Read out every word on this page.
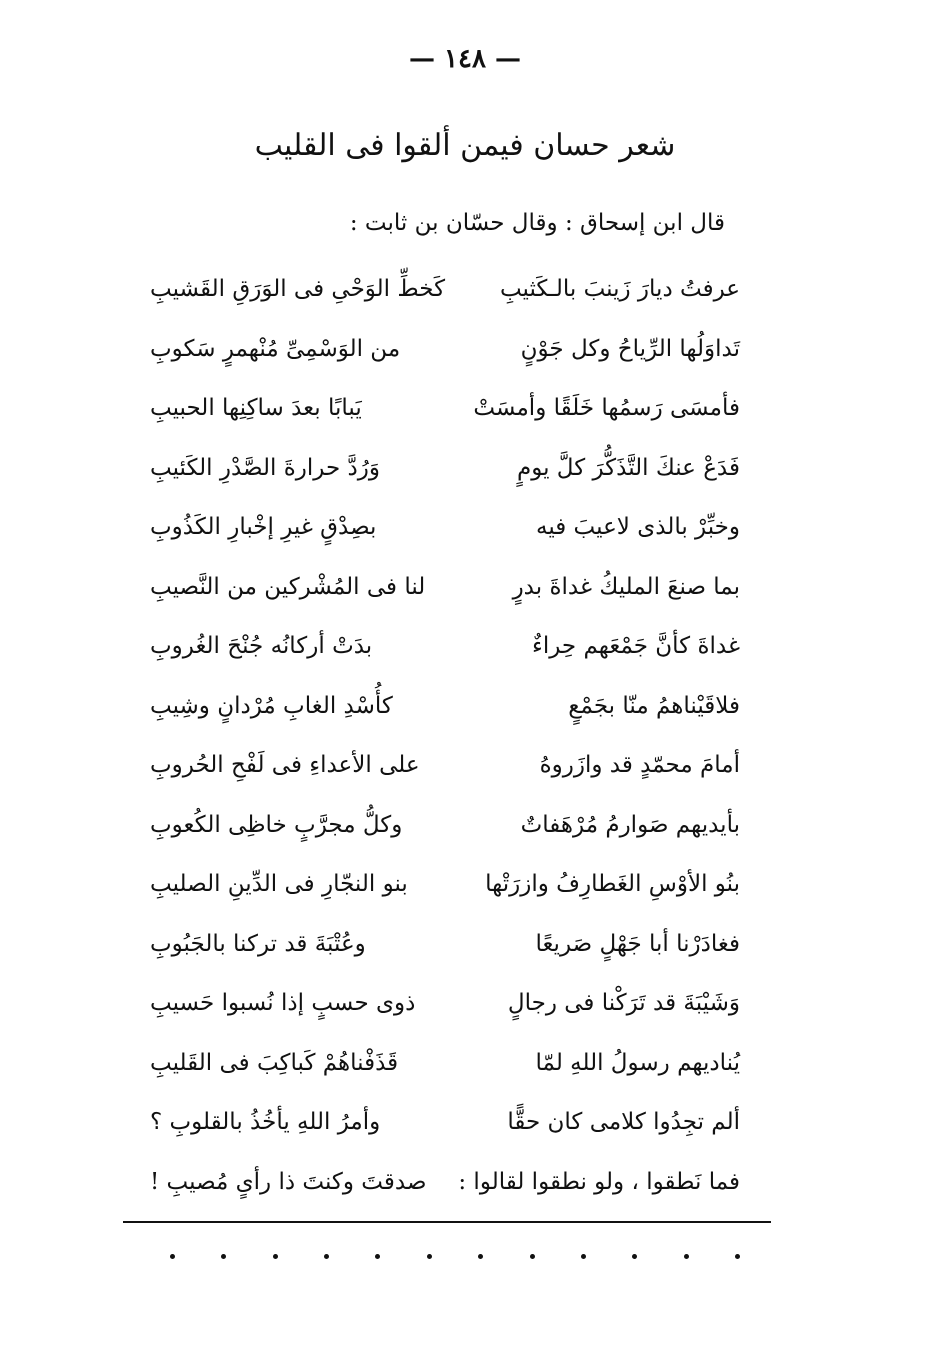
— ١٤٨ —
شعر حسان فيمن ألقوا فى القليب

قال ابن إسحاق : وقال حسّان بن ثابت :

عرفتُ ديارَ زَينبَ بالـكَثيبِ
كَخطِّ الوَحْىِ فى الوَرَقِ القَشيبِ
تَداوَلُها الرِّياحُ وكل جَوْنٍ
من الوَسْمِىِّ مُنْهمرٍ سَكوبِ
فأمسَى رَسمُها خَلَقًا وأمسَتْ
يَبابًا بعدَ ساكِنِها الحبيبِ
فَدَعْ عنكَ التَّذَكُّرَ كلَّ يومٍ
وَرُدَّ حرارةَ الصَّدْرِ الكَئيبِ
وخبِّرْ بالذى لاعيبَ فيه
بصِدْقٍ غيرِ إخْبارِ الكَذُوبِ
بما صنعَ المليكُ غداةَ بدرٍ
لنا فى المُشْركين من النَّصيبِ
غداةَ كأنَّ جَمْعَهم حِراءٌ
بدَتْ أركانُه جُنْحَ الغُروبِ
فلاقَيْناهمُ منّا بجَمْعٍ
كأُسْدِ الغابِ مُرْدانٍ وشِيبِ
أمامَ محمّدٍ قد وازَروهُ
على الأعداءِ فى لَفْحِ الحُروبِ
بأيديهم صَوارمُ مُرْهَفاتٌ
وكلُّ مجرَّبٍ خاظِى الكُعوبِ
بنُو الأوْسِ الغَطارِفُ وازرَتْها
بنو النجّارِ فى الدِّينِ الصليبِ
فغادَرْنا أبا جَهْلٍ صَريعًا
وعُتْبَةَ قد تركنا بالجَبُوبِ
وَشَيْبَةَ قد تَرَكْنا فى رجالٍ
ذوى حسبٍ إذا نُسبوا حَسيبِ
يُناديهم رسولُ اللهِ لمّا
قَذَفْناهُمْ كَباكِبَ فى القَليبِ
ألم تجِدُوا كلامى كان حقًّا
وأمرُ اللهِ يأخُذُ بالقلوبِ ؟
فما نَطقوا ، ولو نطقوا لقالوا :
صدقتَ وكنتَ ذا رأىٍ مُصيبِ !
